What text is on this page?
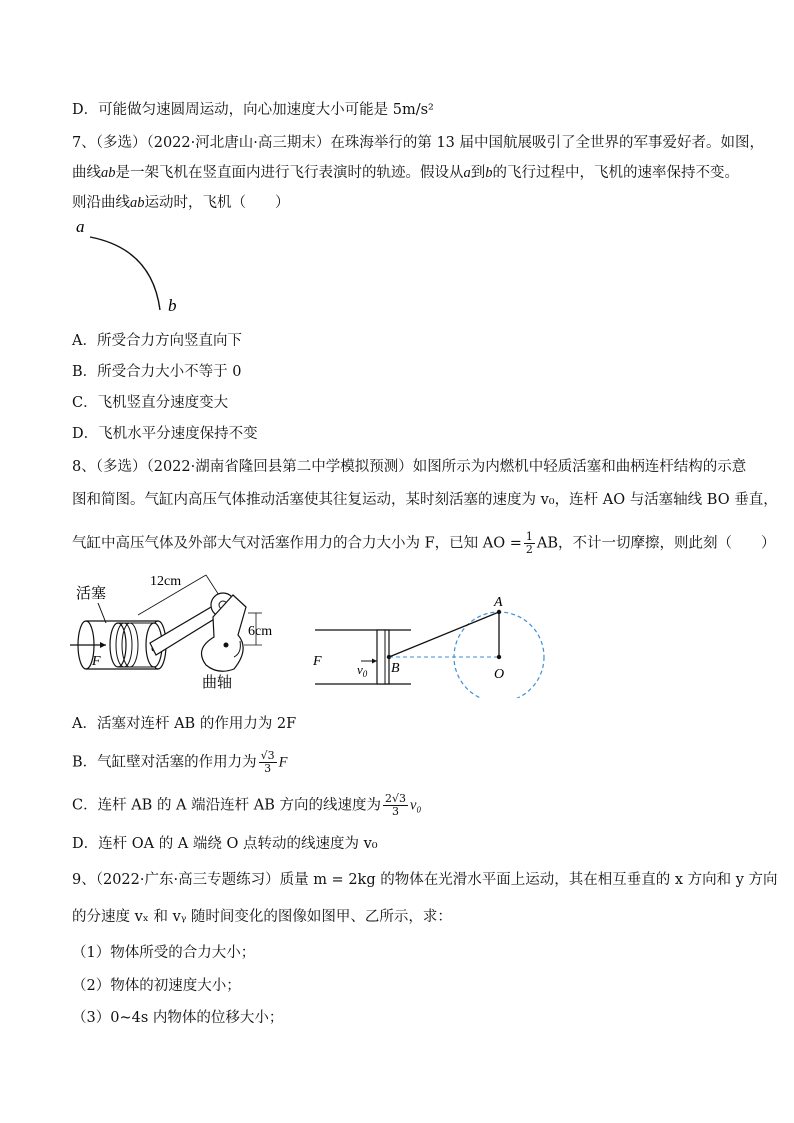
D．可能做匀速圆周运动，向心加速度大小可能是 5m/s²
7、（多选）（2022·河北唐山·高三期末）在珠海举行的第 13 届中国航展吸引了全世界的军事爱好者。如图，
曲线ab是一架飞机在竖直面内进行飞行表演时的轨迹。假设从a到b的飞行过程中，飞机的速率保持不变。
则沿曲线ab运动时，飞机（　　）
a
b
A．所受合力方向竖直向下
B．所受合力大小不等于 0
C．飞机竖直分速度变大
D．飞机水平分速度保持不变
8、（多选）（2022·湖南省隆回县第二中学模拟预测）如图所示为内燃机中轻质活塞和曲柄连杆结构的示意
图和简图。气缸内高压气体推动活塞使其往复运动，某时刻活塞的速度为 v₀，连杆 AO 与活塞轴线 BO 垂直，
气缸中高压气体及外部大气对活塞作用力的合力大小为 F，已知 AO = $\frac{1}{2}$ AB，不计一切摩擦，则此刻（　　）
活塞
12cm
F
6cm
曲轴
F
$v_0$ B
A
O
A．活塞对连杆 AB 的作用力为 2F
B．气缸壁对活塞的作用力为 $\frac{√3}{3}$ F
C．连杆 AB 的 A 端沿连杆 AB 方向的线速度为 $\frac{2√3}{3} v_0$
D．连杆 OA 的 A 端绕 O 点转动的线速度为 v₀
9、（2022·广东·高三专题练习）质量 m = 2kg 的物体在光滑水平面上运动，其在相互垂直的 x 方向和 y 方向
的分速度 vₓ 和 vᵧ 随时间变化的图像如图甲、乙所示，求：
（1）物体所受的合力大小；
（2）物体的初速度大小；
（3）0~4s 内物体的位移大小；
